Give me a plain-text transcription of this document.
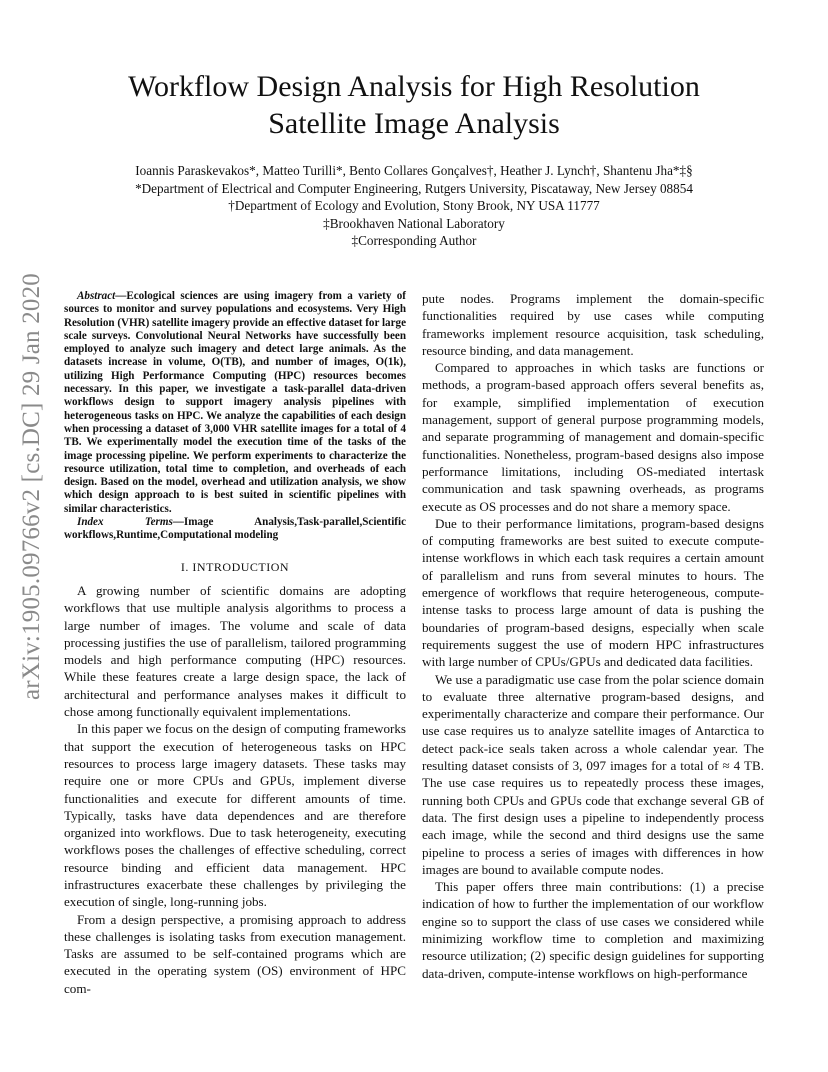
arXiv:1905.09766v2 [cs.DC] 29 Jan 2020
Workflow Design Analysis for High Resolution
Satellite Image Analysis
Ioannis Paraskevakos*, Matteo Turilli*, Bento Collares Gonçalves†, Heather J. Lynch†, Shantenu Jha*‡§
*Department of Electrical and Computer Engineering, Rutgers University, Piscataway, New Jersey 08854
†Department of Ecology and Evolution, Stony Brook, NY USA 11777
‡Brookhaven National Laboratory
‡Corresponding Author

Abstract—Ecological sciences are using imagery from a variety of sources to monitor and survey populations and ecosystems. Very High Resolution (VHR) satellite imagery provide an effective dataset for large scale surveys. Convolutional Neural Networks have successfully been employed to analyze such imagery and detect large animals. As the datasets increase in volume, O(TB), and number of images, O(1k), utilizing High Performance Computing (HPC) resources becomes necessary. In this paper, we investigate a task-parallel data-driven workflows design to support imagery analysis pipelines with heterogeneous tasks on HPC. We analyze the capabilities of each design when processing a dataset of 3,000 VHR satellite images for a total of 4 TB. We experimentally model the execution time of the tasks of the image processing pipeline. We perform experiments to characterize the resource utilization, total time to completion, and overheads of each design. Based on the model, overhead and utilization analysis, we show which design approach to is best suited in scientific pipelines with similar characteristics.

Index Terms—Image Analysis,Task-parallel,Scientific workflows,Runtime,Computational modeling

I. INTRODUCTION

A growing number of scientific domains are adopting workflows that use multiple analysis algorithms to process a large number of images. The volume and scale of data processing justifies the use of parallelism, tailored programming models and high performance computing (HPC) resources. While these features create a large design space, the lack of architectural and performance analyses makes it difficult to chose among functionally equivalent implementations.

In this paper we focus on the design of computing frameworks that support the execution of heterogeneous tasks on HPC resources to process large imagery datasets. These tasks may require one or more CPUs and GPUs, implement diverse functionalities and execute for different amounts of time. Typically, tasks have data dependences and are therefore organized into workflows. Due to task heterogeneity, executing workflows poses the challenges of effective scheduling, correct resource binding and efficient data management. HPC infrastructures exacerbate these challenges by privileging the execution of single, long-running jobs.

From a design perspective, a promising approach to address these challenges is isolating tasks from execution management. Tasks are assumed to be self-contained programs which are executed in the operating system (OS) environment of HPC com-

pute nodes. Programs implement the domain-specific functionalities required by use cases while computing frameworks implement resource acquisition, task scheduling, resource binding, and data management.

Compared to approaches in which tasks are functions or methods, a program-based approach offers several benefits as, for example, simplified implementation of execution management, support of general purpose programming models, and separate programming of management and domain-specific functionalities. Nonetheless, program-based designs also impose performance limitations, including OS-mediated intertask communication and task spawning overheads, as programs execute as OS processes and do not share a memory space.

Due to their performance limitations, program-based designs of computing frameworks are best suited to execute compute-intense workflows in which each task requires a certain amount of parallelism and runs from several minutes to hours. The emergence of workflows that require heterogeneous, compute-intense tasks to process large amount of data is pushing the boundaries of program-based designs, especially when scale requirements suggest the use of modern HPC infrastructures with large number of CPUs/GPUs and dedicated data facilities.

We use a paradigmatic use case from the polar science domain to evaluate three alternative program-based designs, and experimentally characterize and compare their performance. Our use case requires us to analyze satellite images of Antarctica to detect pack-ice seals taken across a whole calendar year. The resulting dataset consists of 3, 097 images for a total of ≈ 4 TB. The use case requires us to repeatedly process these images, running both CPUs and GPUs code that exchange several GB of data. The first design uses a pipeline to independently process each image, while the second and third designs use the same pipeline to process a series of images with differences in how images are bound to available compute nodes.

This paper offers three main contributions: (1) a precise indication of how to further the implementation of our workflow engine so to support the class of use cases we considered while minimizing workflow time to completion and maximizing resource utilization; (2) specific design guidelines for supporting data-driven, compute-intense workflows on high-performance
